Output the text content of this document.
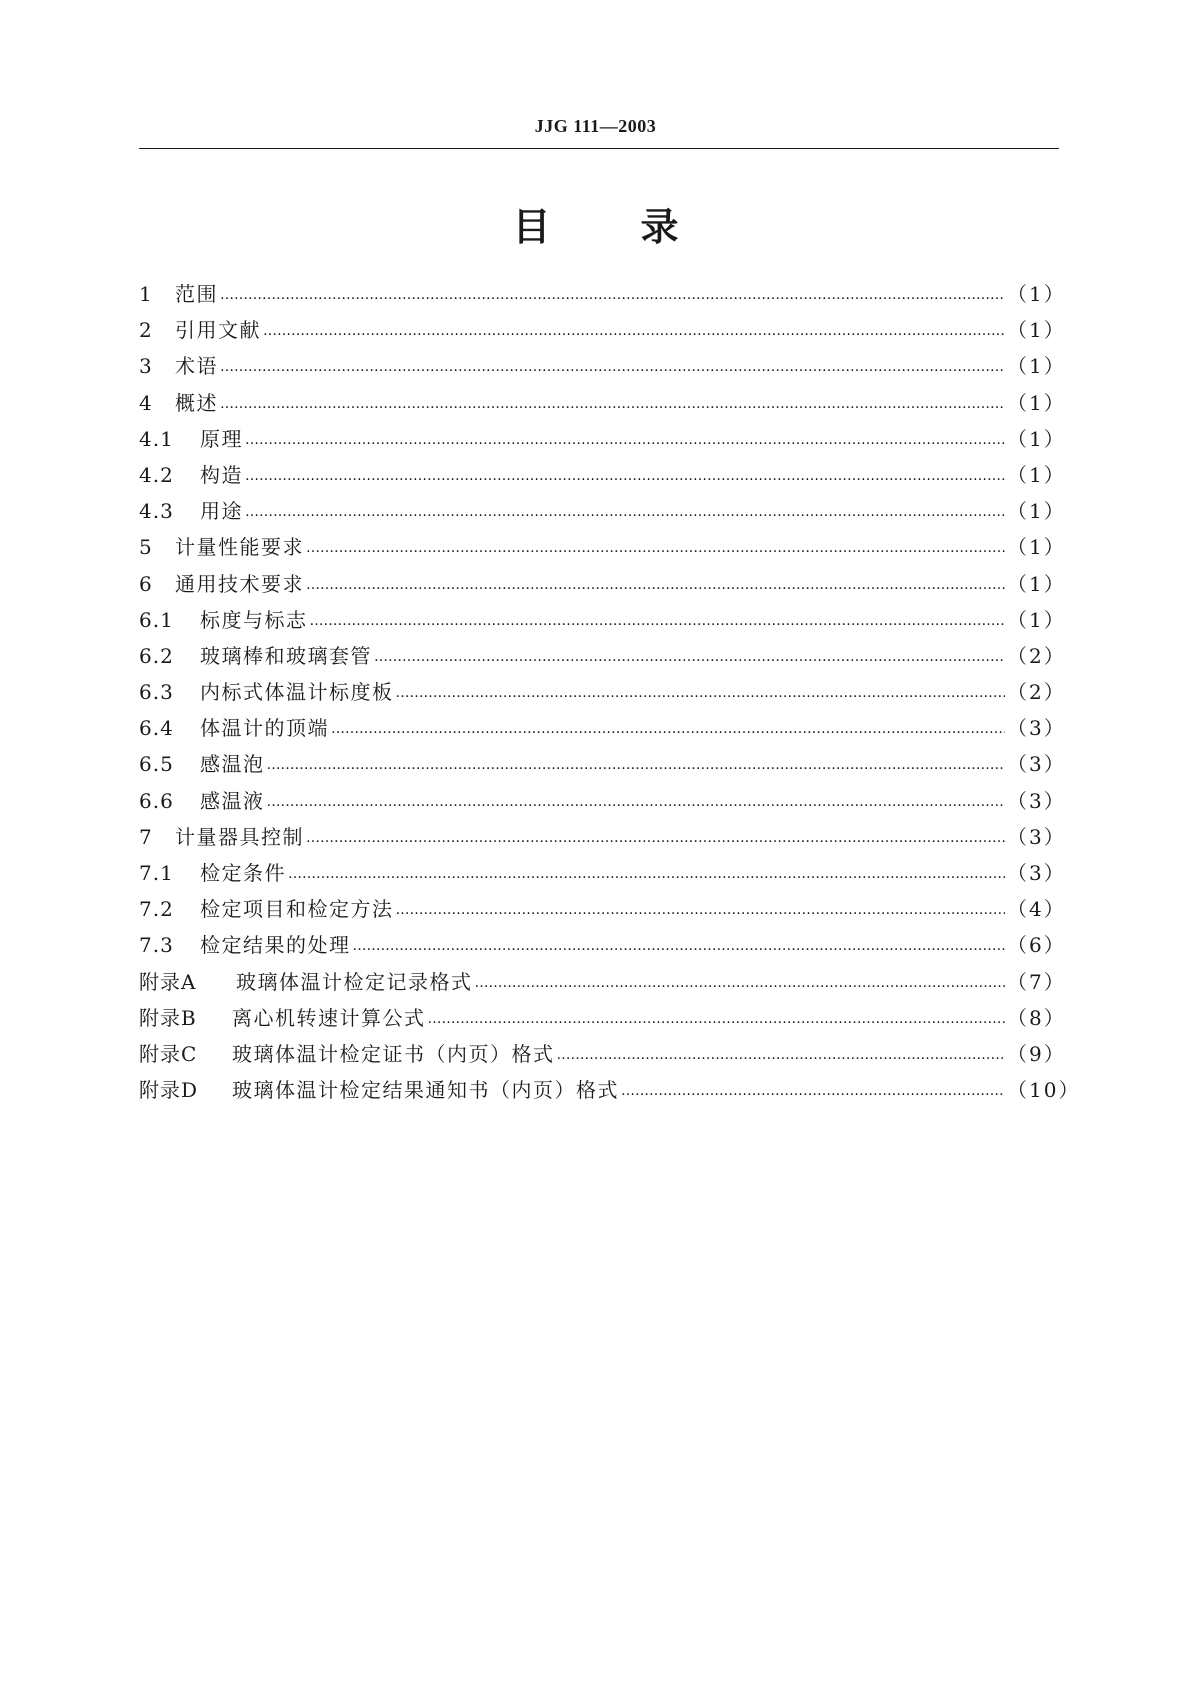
JJG 111—2003
目 录
1	范围 ……………………………………………………………………………………………………………………………………………………………………………………………………………………………………………………	（1）
2	引用文献 ……………………………………………………………………………………………………………………………………………………………………………………………………………………………………………………	（1）
3	术语 ……………………………………………………………………………………………………………………………………………………………………………………………………………………………………………………	（1）
4	概述 ……………………………………………………………………………………………………………………………………………………………………………………………………………………………………………………	（1）
4.1	原理 ……………………………………………………………………………………………………………………………………………………………………………………………………………………………………………………	（1）
4.2	构造 ……………………………………………………………………………………………………………………………………………………………………………………………………………………………………………………	（1）
4.3	用途 ……………………………………………………………………………………………………………………………………………………………………………………………………………………………………………………	（1）
5	计量性能要求 ……………………………………………………………………………………………………………………………………………………………………………………………………………………………………………………	（1）
6	通用技术要求 ……………………………………………………………………………………………………………………………………………………………………………………………………………………………………………………	（1）
6.1	标度与标志 ……………………………………………………………………………………………………………………………………………………………………………………………………………………………………………………	（1）
6.2	玻璃棒和玻璃套管 ……………………………………………………………………………………………………………………………………………………………………………………………………………………………………………………	（2）
6.3	内标式体温计标度板 ……………………………………………………………………………………………………………………………………………………………………………………………………………………………………………………	（2）
6.4	体温计的顶端 ……………………………………………………………………………………………………………………………………………………………………………………………………………………………………………………	（3）
6.5	感温泡 ……………………………………………………………………………………………………………………………………………………………………………………………………………………………………………………	（3）
6.6	感温液 ……………………………………………………………………………………………………………………………………………………………………………………………………………………………………………………	（3）
7	计量器具控制 ……………………………………………………………………………………………………………………………………………………………………………………………………………………………………………………	（3）
7.1	检定条件 ……………………………………………………………………………………………………………………………………………………………………………………………………………………………………………………	（3）
7.2	检定项目和检定方法 ……………………………………………………………………………………………………………………………………………………………………………………………………………………………………………………	（4）
7.3	检定结果的处理 ……………………………………………………………………………………………………………………………………………………………………………………………………………………………………………………	（6）
附录A	玻璃体温计检定记录格式 ……………………………………………………………………………………………………………………………………………………………………………………………………………………………………………………	（7）
附录B	离心机转速计算公式 ……………………………………………………………………………………………………………………………………………………………………………………………………………………………………………………	（8）
附录C	玻璃体温计检定证书（内页）格式 ……………………………………………………………………………………………………………………………………………………………………………………………………………………………………………………	（9）
附录D	玻璃体温计检定结果通知书（内页）格式 ……………………………………………………………………………………………………………………………………………………………………………………………………………………………………………………	（10）
